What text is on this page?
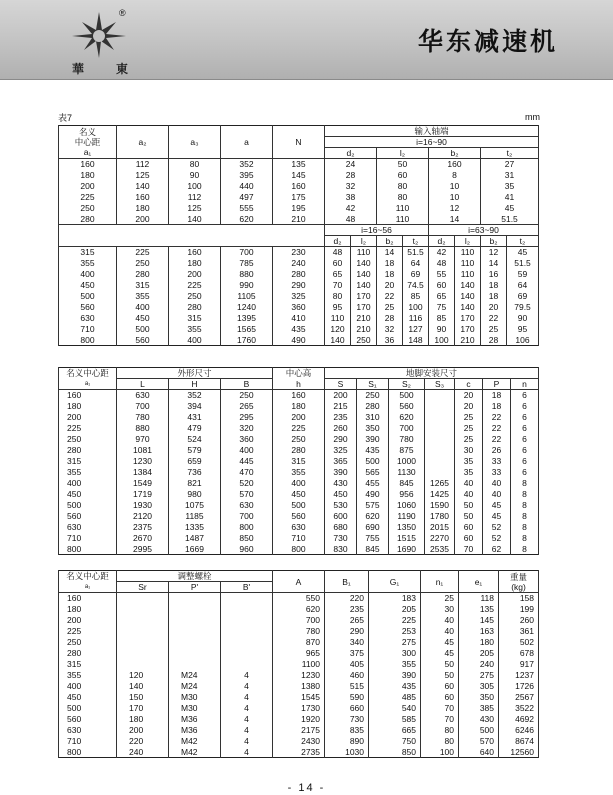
®
華	東
华东减速机
表7	mm
名义
中心距
a₁	a₂	a₃	a	N	输入轴端							
					i=16~90							
					d₂		l₂		b₂		t₂	
160	112	80	352	135	24		50		160		27	
180	125	90	395	145	28		60		8		31	
200	140	100	440	160	32		80		10		35	
225	160	112	497	175	38		80		10		41	
250	180	125	555	195	42		110		12		45	
280	200	140	620	210	48		110		14		51.5	
					i=16~56				i=63~90			
					d₂	l₂	b₂	t₂	d₂	l₂	b₂	t₂
315	225	160	700	230	48	110	14	51.5	42	110	12	45
355	250	180	785	240	60	140	18	64	48	110	14	51.5
400	280	200	880	280	65	140	18	69	55	110	16	59
450	315	225	990	290	70	140	20	74.5	60	140	18	64
500	355	250	1105	325	80	170	22	85	65	140	18	69
560	400	280	1240	360	95	170	25	100	75	140	20	79.5
630	450	315	1395	410	110	210	28	116	85	170	22	90
710	500	355	1565	435	120	210	32	127	90	170	25	95
800	560	400	1760	490	140	250	36	148	100	210	28	106
名义中心距	外形尺寸			中心高	地脚安装尺寸						
a₁	L	H	B	h	S	S₁	S₂	S₃	c	P	n
160	630	352	250	160	200	250	500		20	18	6
180	700	394	265	180	215	280	560		20	18	6
200	780	431	295	200	235	310	620		25	22	6
225	880	479	320	225	260	350	700		25	22	6
250	970	524	360	250	290	390	780		25	22	6
280	1081	579	400	280	325	435	875		30	26	6
315	1230	659	445	315	365	500	1000		35	33	6
355	1384	736	470	355	390	565	1130		35	33	6
400	1549	821	520	400	430	455	845	1265	40	40	8
450	1719	980	570	450	450	490	956	1425	40	40	8
500	1930	1075	630	500	530	575	1060	1590	50	45	8
560	2120	1185	700	560	600	620	1190	1780	50	45	8
630	2375	1335	800	630	680	690	1350	2015	60	52	8
710	2670	1487	850	710	730	755	1515	2270	60	52	8
800	2995	1669	960	800	830	845	1690	2535	70	62	8
名义中心距	调整螺栓			A	B₁	G₁	n₁	e₁	重量
(kg)

a₁	Sr	P'	B'						
160				550	220	183	25	118	158
180				620	235	205	30	135	199
200				700	265	225	40	145	260
225				780	290	253	40	163	361
250				870	340	275	45	180	502
280				965	375	300	45	205	678
315				1100	405	355	50	240	917
355	120	M24	4	1230	460	390	50	275	1237
400	140	M24	4	1380	515	435	60	305	1726
450	150	M30	4	1545	590	485	60	350	2567
500	170	M30	4	1730	660	540	70	385	3522
560	180	M36	4	1920	730	585	70	430	4692
630	200	M36	4	2175	835	665	80	500	6246
710	220	M42	4	2430	890	750	80	570	8674
800	240	M42	4	2735	1030	850	100	640	12560
- 14 -
